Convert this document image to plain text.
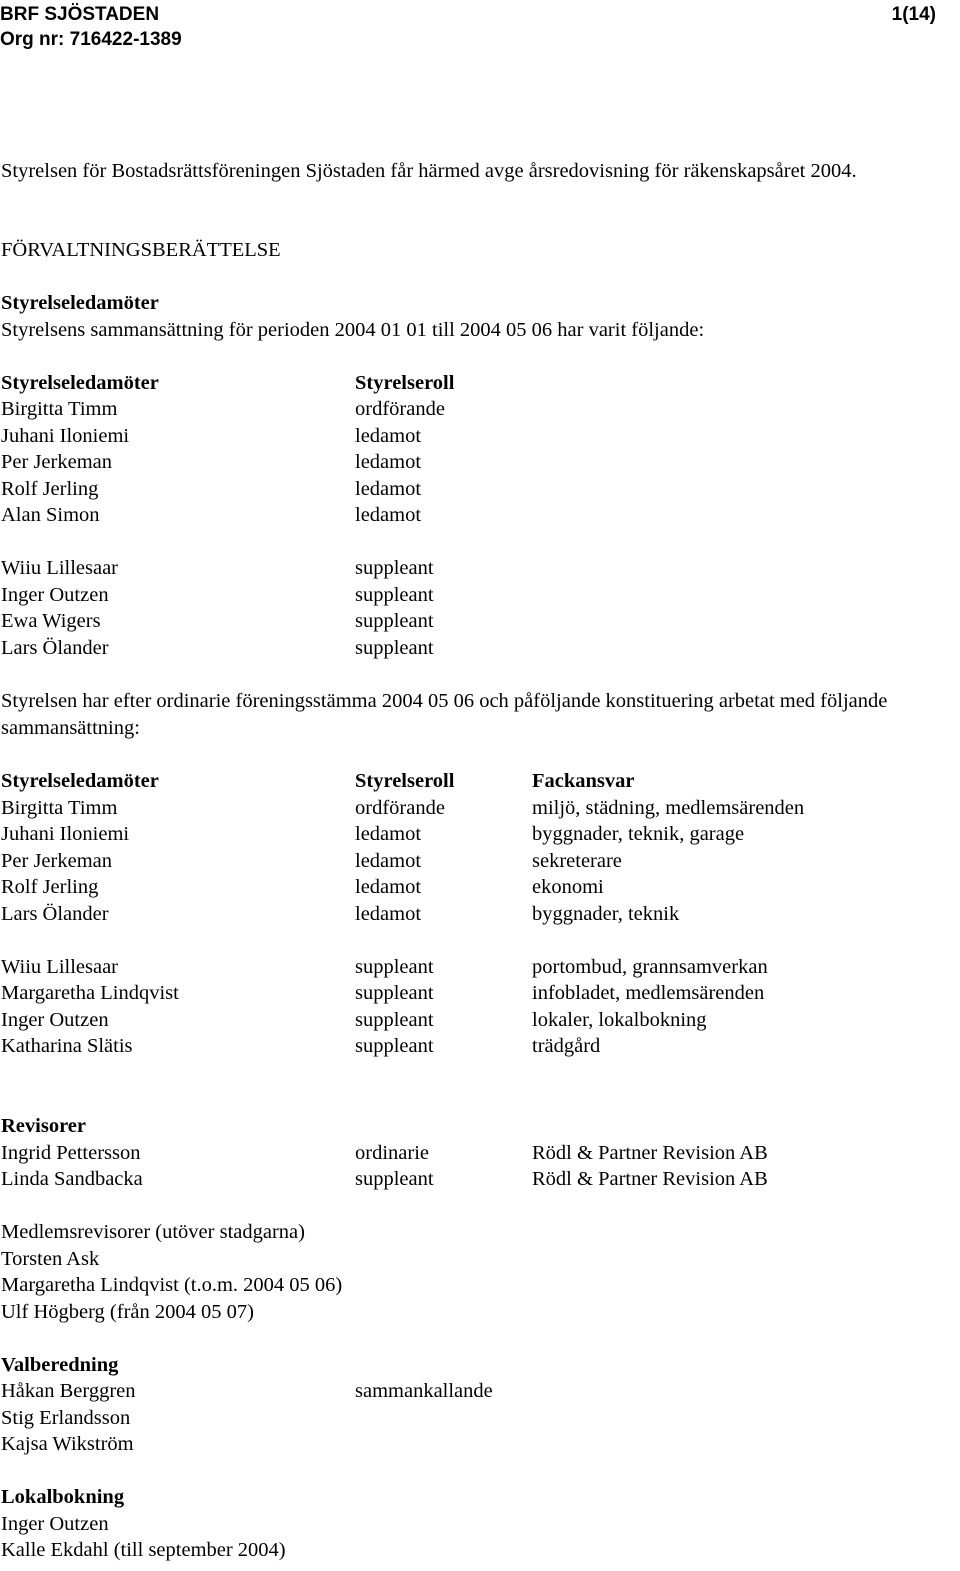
BRF SJÖSTADEN	1(14)
Org nr: 716422-1389
Styrelsen för Bostadsrättsföreningen Sjöstaden får härmed avge årsredovisning för räkenskapsåret 2004.
FÖRVALTNINGSBERÄTTELSE
Styrelseledamöter
Styrelsens sammansättning för perioden 2004 01 01 till 2004 05 06 har varit följande:
Styrelseledamöter	Styrelseroll
Birgitta Timm	ordförande
Juhani Iloniemi	ledamot
Per Jerkeman	ledamot
Rolf Jerling	ledamot
Alan Simon	ledamot
Wiiu Lillesaar	suppleant
Inger Outzen	suppleant
Ewa Wigers	suppleant
Lars Ölander	suppleant
Styrelsen har efter ordinarie föreningsstämma 2004 05 06 och påföljande konstituering arbetat med följande sammansättning:
Styrelseledamöter	Styrelseroll	Fackansvar
Birgitta Timm	ordförande	miljö, städning, medlemsärenden
Juhani Iloniemi	ledamot	byggnader, teknik, garage
Per Jerkeman	ledamot	sekreterare
Rolf Jerling	ledamot	ekonomi
Lars Ölander	ledamot	byggnader, teknik
Wiiu Lillesaar	suppleant	portombud, grannsamverkan
Margaretha Lindqvist	suppleant	infobladet, medlemsärenden
Inger Outzen	suppleant	lokaler, lokalbokning
Katharina Slätis	suppleant	trädgård
Revisorer
Ingrid Pettersson	ordinarie	Rödl & Partner Revision AB
Linda Sandbacka	suppleant	Rödl & Partner Revision AB
Medlemsrevisorer (utöver stadgarna)
Torsten Ask
Margaretha Lindqvist (t.o.m. 2004 05 06)
Ulf Högberg (från 2004 05 07)
Valberedning
Håkan Berggren	sammankallande
Stig Erlandsson
Kajsa Wikström
Lokalbokning
Inger Outzen
Kalle Ekdahl (till september 2004)
